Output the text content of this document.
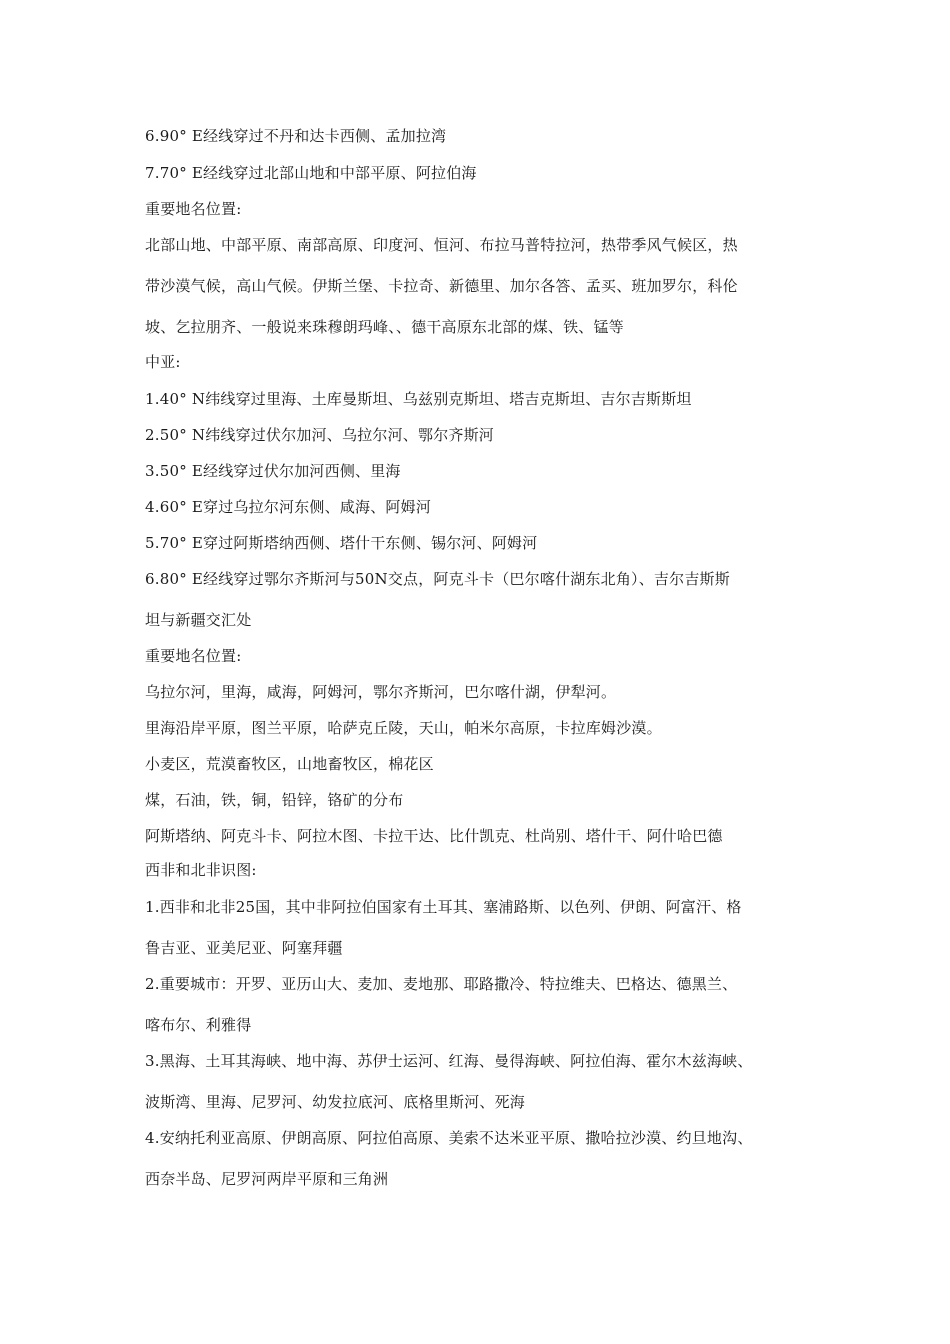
6.90° E经线穿过不丹和达卡西侧、孟加拉湾
7.70° E经线穿过北部山地和中部平原、阿拉伯海
重要地名位置:
北部山地、中部平原、南部高原、印度河、恒河、布拉马普特拉河，热带季风气候区，热
带沙漠气候，高山气候。伊斯兰堡、卡拉奇、新德里、加尔各答、孟买、班加罗尔，科伦
坡、乞拉朋齐、一般说来珠穆朗玛峰、、德干高原东北部的煤、铁、锰等
中亚:
1.40° N纬线穿过里海、土库曼斯坦、乌兹别克斯坦、塔吉克斯坦、吉尔吉斯斯坦
2.50° N纬线穿过伏尔加河、乌拉尔河、鄂尔齐斯河
3.50° E经线穿过伏尔加河西侧、里海
4.60° E穿过乌拉尔河东侧、咸海、阿姆河
5.70° E穿过阿斯塔纳西侧、塔什干东侧、锡尔河、阿姆河
6.80° E经线穿过鄂尔齐斯河与50N交点，阿克斗卡（巴尔喀什湖东北角）、吉尔吉斯斯
坦与新疆交汇处
重要地名位置:
乌拉尔河，里海，咸海，阿姆河，鄂尔齐斯河，巴尔喀什湖，伊犁河。
里海沿岸平原，图兰平原，哈萨克丘陵，天山，帕米尔高原，卡拉库姆沙漠。
小麦区，荒漠畜牧区，山地畜牧区，棉花区
煤，石油，铁，铜，铅锌，铬矿的分布
阿斯塔纳、阿克斗卡、阿拉木图、卡拉干达、比什凯克、杜尚别、塔什干、阿什哈巴德
西非和北非识图:
1.西非和北非25国，其中非阿拉伯国家有土耳其、塞浦路斯、以色列、伊朗、阿富汗、格
鲁吉亚、亚美尼亚、阿塞拜疆
2.重要城市：开罗、亚历山大、麦加、麦地那、耶路撒冷、特拉维夫、巴格达、德黑兰、
喀布尔、利雅得
3.黑海、土耳其海峡、地中海、苏伊士运河、红海、曼得海峡、阿拉伯海、霍尔木兹海峡、
波斯湾、里海、尼罗河、幼发拉底河、底格里斯河、死海
4.安纳托利亚高原、伊朗高原、阿拉伯高原、美索不达米亚平原、撒哈拉沙漠、约旦地沟、
西奈半岛、尼罗河两岸平原和三角洲
